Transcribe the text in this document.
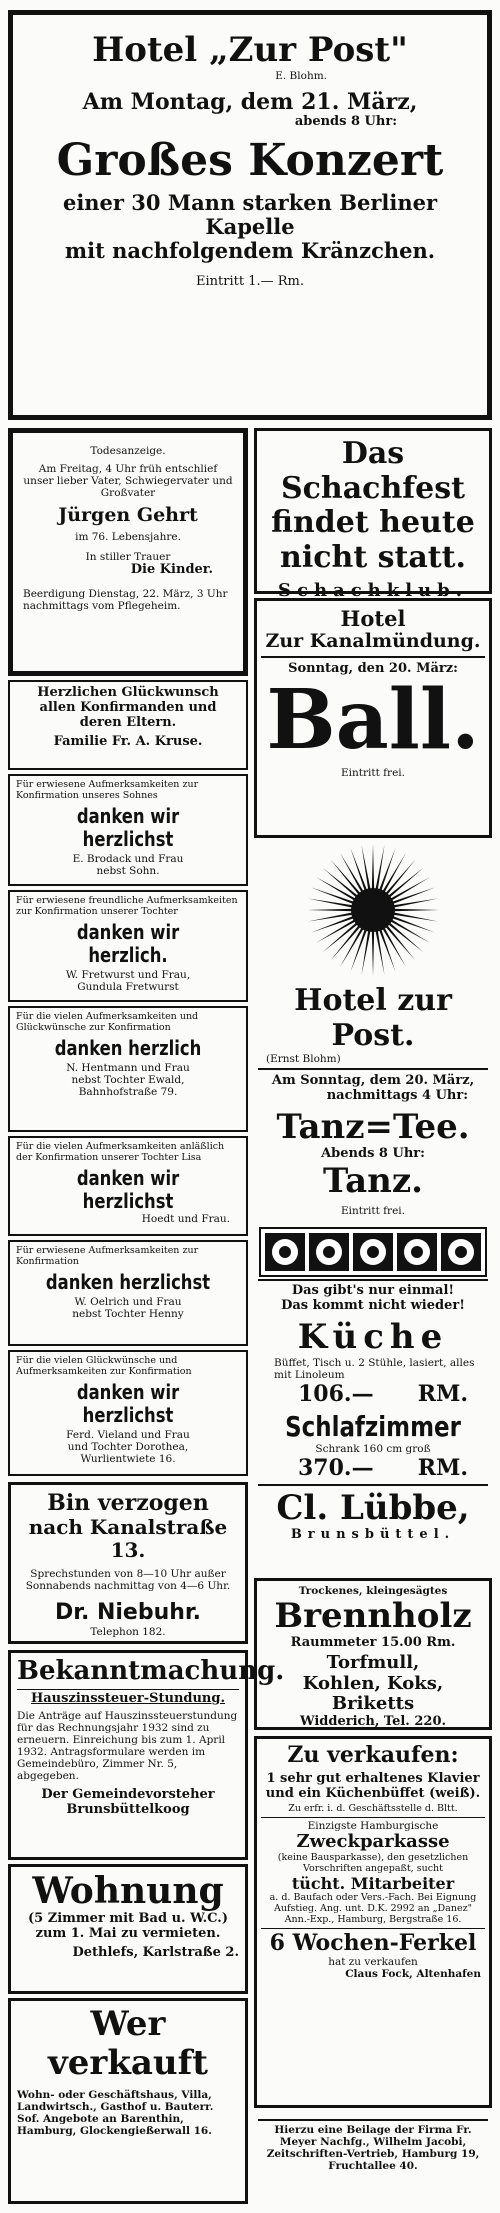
Hotel „Zur Post"
E. Blohm.
Am Montag, dem 21. März,
abends 8 Uhr:
Großes Konzert
einer 30 Mann starken Berliner
Kapelle
mit nachfolgendem Kränzchen.
Eintritt 1.— Rm.
Todesanzeige.
Am Freitag, 4 Uhr früh entschlief unser lieber Vater, Schwiegervater und Großvater
Jürgen Gehrt
im 76. Lebensjahre.
In stiller Trauer
Die Kinder.
Beerdigung Dienstag, 22. März, 3 Uhr nachmittags vom Pflegeheim.
Das Schachfest
findet heute
nicht statt.
Schachklub.
Hotel
Zur Kanalmündung.
Sonntag, den 20. März:
Ball.
Eintritt frei.
Herzlichen Glückwunsch
allen Konfirmanden und
deren Eltern.
Familie Fr. A. Kruse.
Für erwiesene Aufmerksamkeiten zur Konfirmation unseres Sohnes
danken wir herzlichst
E. Brodack und Frau
nebst Sohn.
Für erwiesene freundliche Aufmerksamkeiten zur Konfirmation unserer Tochter
danken wir herzlich.
W. Fretwurst und Frau,
Gundula Fretwurst	Hotel zur Post.
(Ernst Blohm)
Am Sonntag, dem 20. März,
nachmittags 4 Uhr:
Tanz=Tee.
Abends 8 Uhr:
Tanz.
Eintritt frei.
Für die vielen Aufmerksamkeiten und Glückwünsche zur Konfirmation
danken herzlich
N. Hentmann und Frau
nebst Tochter Ewald,
Bahnhofstraße 79.
Für die vielen Aufmerksamkeiten anläßlich der Konfirmation unserer Tochter Lisa
danken wir herzlichst
Hoedt und Frau.
Für erwiesene Aufmerksamkeiten zur Konfirmation
danken herzlichst
W. Oelrich und Frau
nebst Tochter Henny
Das gibt's nur einmal!
Das kommt nicht wieder!
Küche
Büffet, Tisch u. 2 Stühle, lasiert, alles mit Linoleum
106.— RM.
Schlafzimmer
Schrank 160 cm groß
370.— RM.
Cl. Lübbe,
Brunsbüttel.
Für die vielen Glückwünsche und Aufmerksamkeiten zur Konfirmation
danken wir herzlichst
Ferd. Vieland und Frau
und Tochter Dorothea,
Wurlientwiete 16.
Bin verzogen
nach Kanalstraße 13.
Sprechstunden von 8—10 Uhr außer Sonnabends nachmittag von 4—6 Uhr.
Dr. Niebuhr.
Telephon 182.
Trockenes, kleingesägtes
Brennholz
Raummeter 15.00 Rm.
Torfmull,
Kohlen, Koks, Briketts
Widderich, Tel. 220.
Bekanntmachung.
Hauszinssteuer-Stundung.
Die Anträge auf Hauszinssteuerstundung für das Rechnungsjahr 1932 sind zu erneuern. Einreichung bis zum 1. April 1932. Antragsformulare werden im Gemeindebüro, Zimmer Nr. 5, abgegeben.
Der Gemeindevorsteher
Brunsbüttelkoog
Zu verkaufen:
1 sehr gut erhaltenes Klavier und ein Küchenbüffet (weiß).
Zu erfr. i. d. Geschäftsstelle d. Bltt.
Einzigste Hamburgische
Zweckparkasse
(keine Bausparkasse), den gesetzlichen Vorschriften angepaßt, sucht
tücht. Mitarbeiter
a. d. Baufach oder Vers.-Fach. Bei Eignung Aufstieg. Ang. unt. D.K. 2992 an „Danez" Ann.-Exp., Hamburg, Bergstraße 16.
6 Wochen-Ferkel
hat zu verkaufen
Claus Fock, Altenhafen
Wohnung
(5 Zimmer mit Bad u. W.C.)
zum 1. Mai zu vermieten.
Dethlefs, Karlstraße 2.
Wer verkauft
Wohn- oder Geschäftshaus, Villa, Landwirtsch., Gasthof u. Bauterr. Sof. Angebote an Barenthin, Hamburg, Glockengießerwall 16.	Hierzu eine Beilage der Firma Fr. Meyer Nachfg., Wilhelm Jacobi, Zeitschriften-Vertrieb, Hamburg 19, Fruchtallee 40.
